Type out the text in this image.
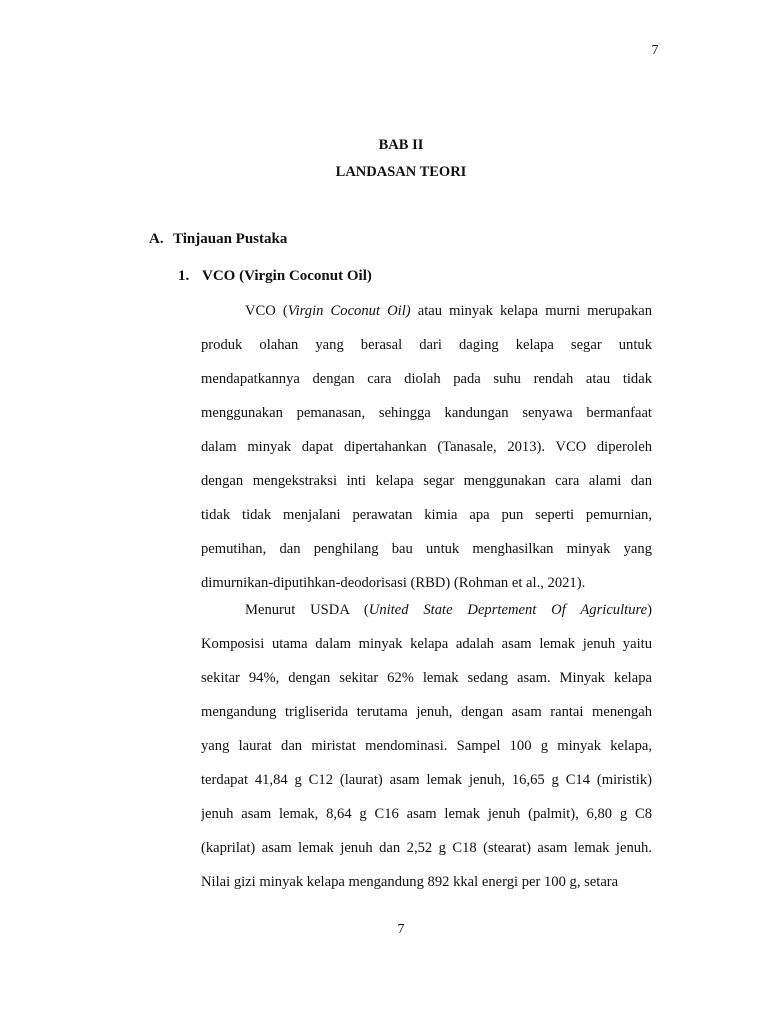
7
BAB II
LANDASAN TEORI
A. Tinjauan Pustaka
1. VCO (Virgin Coconut Oil)
VCO (Virgin Coconut Oil) atau minyak kelapa murni merupakan
produk olahan yang berasal dari daging kelapa segar untuk
mendapatkannya dengan cara diolah pada suhu rendah atau tidak
menggunakan pemanasan, sehingga kandungan senyawa bermanfaat
dalam minyak dapat dipertahankan (Tanasale, 2013). VCO diperoleh
dengan mengekstraksi inti kelapa segar menggunakan cara alami dan
tidak tidak menjalani perawatan kimia apa pun seperti pemurnian,
pemutihan, dan penghilang bau untuk menghasilkan minyak yang
dimurnikan-diputihkan-deodorisasi (RBD) (Rohman et al., 2021).
Menurut USDA (United State Deprtement Of Agriculture)
Komposisi utama dalam minyak kelapa adalah asam lemak jenuh yaitu
sekitar 94%, dengan sekitar 62% lemak sedang asam. Minyak kelapa
mengandung trigliserida terutama jenuh, dengan asam rantai menengah
yang laurat dan miristat mendominasi. Sampel 100 g minyak kelapa,
terdapat 41,84 g C12 (laurat) asam lemak jenuh, 16,65 g C14 (miristik)
jenuh asam lemak, 8,64 g C16 asam lemak jenuh (palmit), 6,80 g C8
(kaprilat) asam lemak jenuh dan 2,52 g C18 (stearat) asam lemak jenuh.
Nilai gizi minyak kelapa mengandung 892 kkal energi per 100 g, setara
7
